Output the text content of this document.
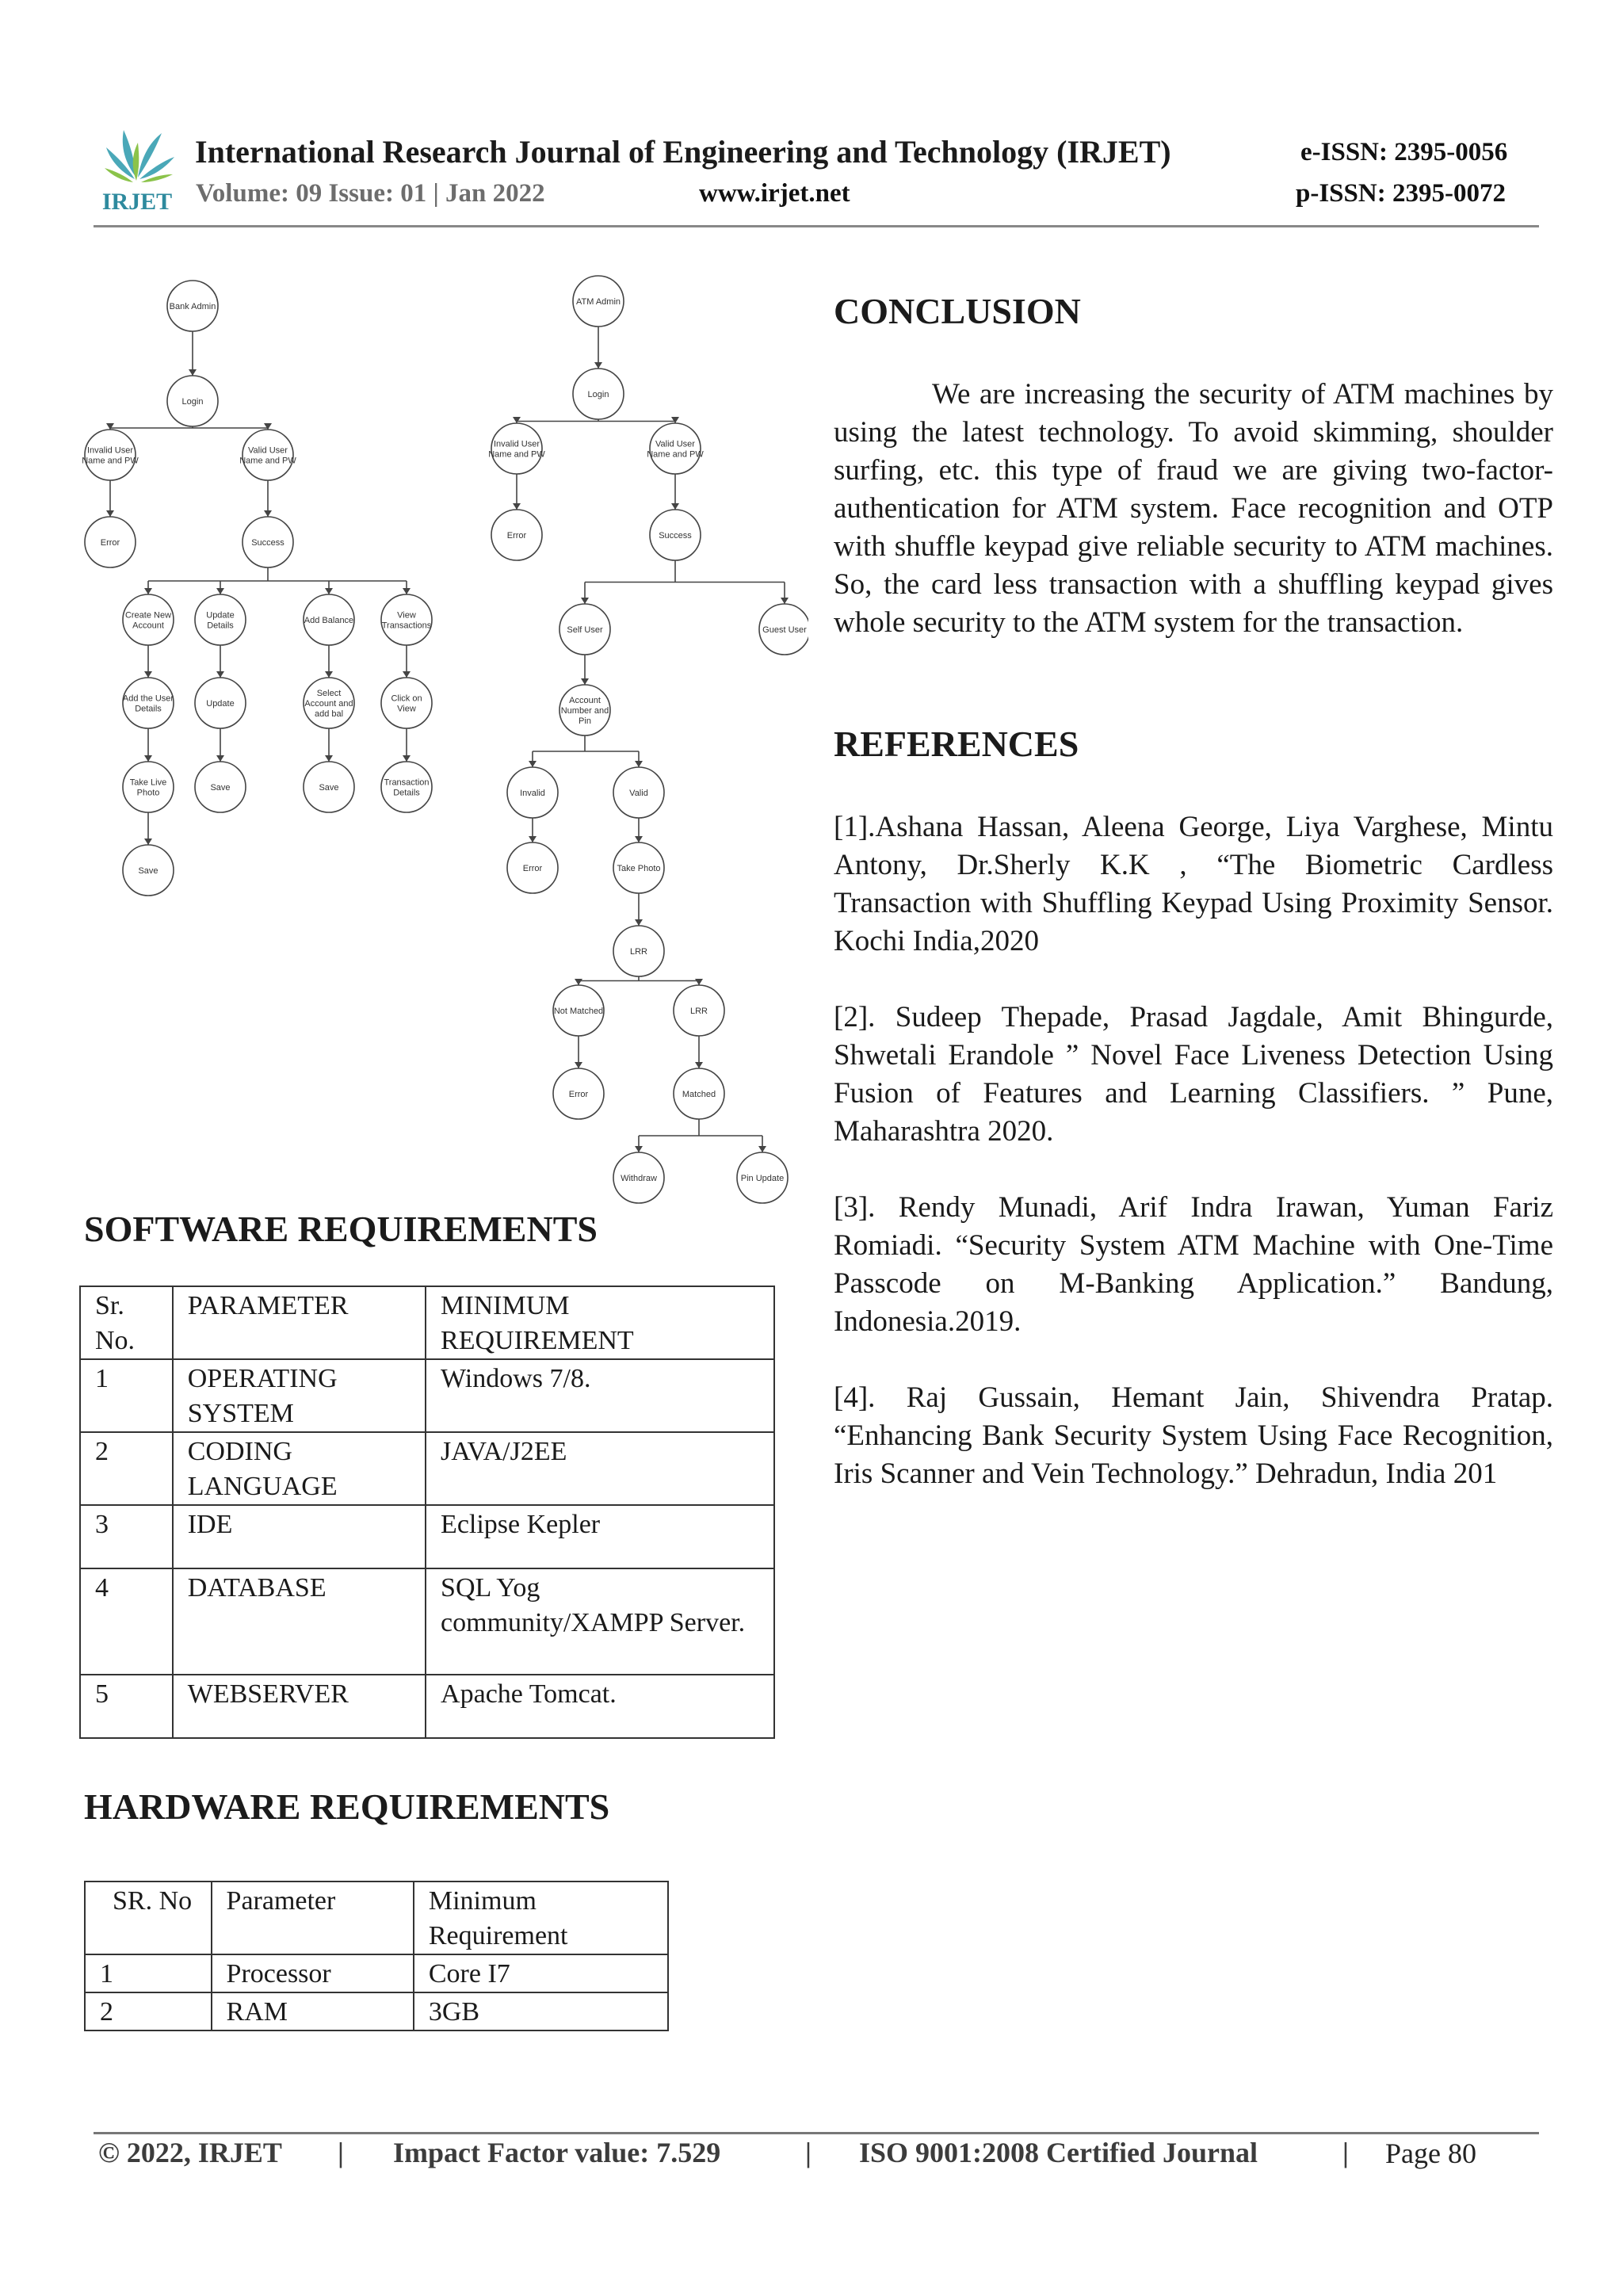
IRJET
International Research Journal of Engineering and Technology (IRJET)	e-ISSN: 2395-0056
Volume: 09 Issue: 01 | Jan 2022	www.irjet.net	p-ISSN: 2395-0072
Bank Admin
Login
Invalid User Name and PW
Valid User Name and PW
Error	Success
Create New Account
Update Details
Add Balance
View Transactions
Add the User Details
Update
Select Account and add bal
Click on View
Take Live Photo
Save	Save
Transaction Details
Save
ATM Admin
Login
Invalid User Name and PW
Valid User Name and PW
Error	Success
Self User	Guest User
Account Number and Pin
Invalid	Valid
Error	Take Photo
LRR
Not Matched	LRR
Error	Matched
Withdraw	Pin Update
SOFTWARE REQUIREMENTS
Sr. No.	PARAMETER	MINIMUM REQUIREMENT
1	OPERATING SYSTEM	Windows 7/8.
2	CODING LANGUAGE	JAVA/J2EE
3	IDE	Eclipse Kepler
4	DATABASE	SQL Yog community/XAMPP Server.
5	WEBSERVER	Apache Tomcat.
HARDWARE REQUIREMENTS
SR. No	Parameter	Minimum Requirement
1	Processor	Core I7
2	RAM	3GB
CONCLUSION
We are increasing the security of ATM machines by using the latest technology. To avoid skimming, shoulder surfing, etc. this type of fraud we are giving two-factor-authentication for ATM system. Face recognition and OTP with shuffle keypad give reliable security to ATM machines. So, the card less transaction with a shuffling keypad gives whole security to the ATM system for the transaction.
REFERENCES
[1].Ashana Hassan, Aleena George, Liya Varghese, Mintu Antony, Dr.Sherly K.K , “The Biometric Cardless Transaction with Shuffling Keypad Using Proximity Sensor. Kochi India,2020
[2]. Sudeep Thepade, Prasad Jagdale, Amit Bhingurde, Shwetali Erandole ” Novel Face Liveness Detection Using Fusion of Features and Learning Classifiers. ” Pune, Maharashtra 2020.
[3]. Rendy Munadi, Arif Indra Irawan, Yuman Fariz Romiadi. “Security System ATM Machine with One-Time Passcode on M-Banking Application.” Bandung, Indonesia.2019.
[4]. Raj Gussain, Hemant Jain, Shivendra Pratap. “Enhancing Bank Security System Using Face Recognition, Iris Scanner and Vein Technology.” Dehradun, India 201
© 2022, IRJET | Impact Factor value: 7.529	| ISO 9001:2008 Certified Journal	| Page 80
